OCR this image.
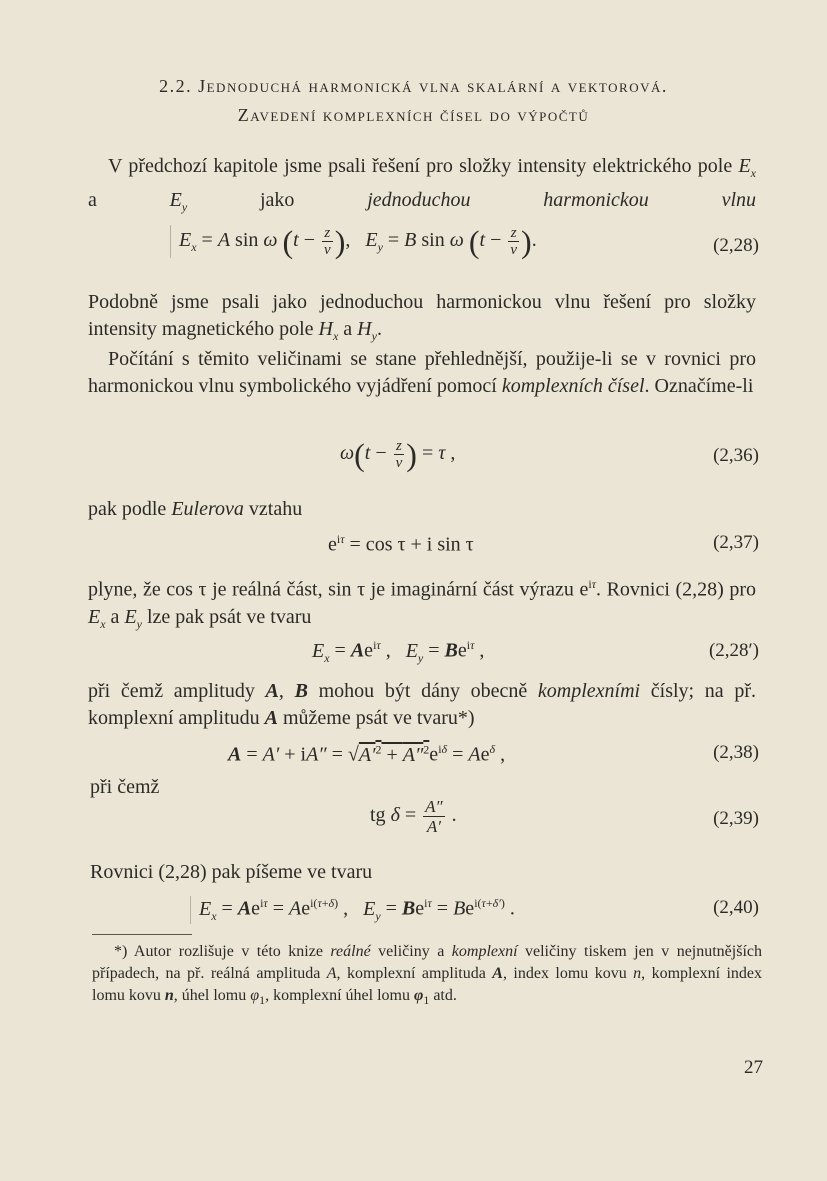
2.2. Jednoduchá harmonická vlna skalární a vektorová.
Zavedení komplexních čísel do výpočtů
V předchozí kapitole jsme psali řešení pro složky intensity elektrického pole $E_x$ a $E_y$ jako jednoduchou harmonickou vlnu
$E_x = A$ sin ω ($t - \frac{z}{v}$ ),   $E_y = B$ sin ω ($t - \frac{z}{v}$ ).	(2,28)
Podobně jsme psali jako jednoduchou harmonickou vlnu řešení pro složky intensity magnetického pole $H_x$ a $H_y$.
Počítání s těmito veličinami se stane přehlednější, použije-li se v rovnici pro harmonickou vlnu symbolického vyjádření pomocí komplexních čísel. Označíme-li
$\omega(t - \frac{z}{v}$ ) = τ ,	(2,36)
pak podle Eulerova vztahu
$e^{i\tau} = \cos \tau + i$ sin τ	(2,37)
plyne, že cos τ je reálná část, sin τ je imaginární část výrazu $e^{i\tau}$. Rovnici (2,28) pro $E_x$ a $E_y$ lze pak psát ve tvaru
$E_x = Ae^{i\tau}$ ,   $E_y = Be^{i\tau}$ ,	(2,28′)
při čemž amplitudy A, B mohou být dány obecně komplexními čísly; na př. komplexní amplitudu A můžeme psát ve tvaru*)
$A = A' + iA'' = √A'^2 + A''^2e^{i\delta} = Ae^\delta$ ,	(2,38)
při čemž
tg $\delta = \frac{A''}{A'}$ .	(2,39)
Rovnici (2,28) pak píšeme ve tvaru
$E_x = Ae^{i\tau} = Ae^{i(\tau+\delta)}$ ,   $E_y = Be^{i\tau} = Be^{i(\tau+\delta')}$ .	(2,40)
*) Autor rozlišuje v této knize reálné veličiny a komplexní veličiny tiskem jen v nejnutnějších případech, na př. reálná amplituda A, komplexní amplituda A, index lomu kovu n, komplexní index lomu kovu n, úhel lomu $\varphi_1$, komplexní úhel lomu $\varphi_1$ atd.
27
